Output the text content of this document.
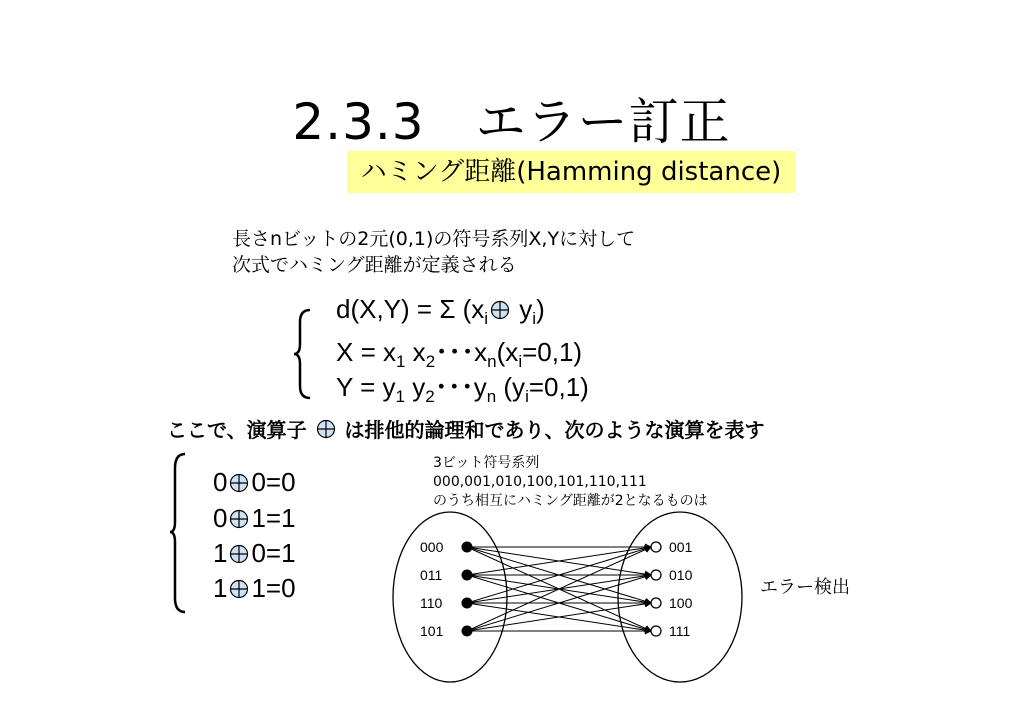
2.3.3　エラー訂正
ハミング距離(Hamming distance)
長さnビットの2元(0,1)の符号系列X,Yに対して
次式でハミング距離が定義される
d(X,Y) = Σ ($x_i$ $y_i$)
$X = x_1$ $x_2$･･･$x_n(x_i=0,1)$
$Y = y_1$ $y_2$･･･$y_n$ $(y_i=0,1)$
ここで、演算子  は排他的論理和であり、次のような演算を表す
0 0=0
0 1=1
1 0=1
1 1=0
3ビット符号系列
000,001,010,100,101,110,111
のうち相互にハミング距離が2となるものは
000
011
110
101
001
010
100
111
エラー検出
